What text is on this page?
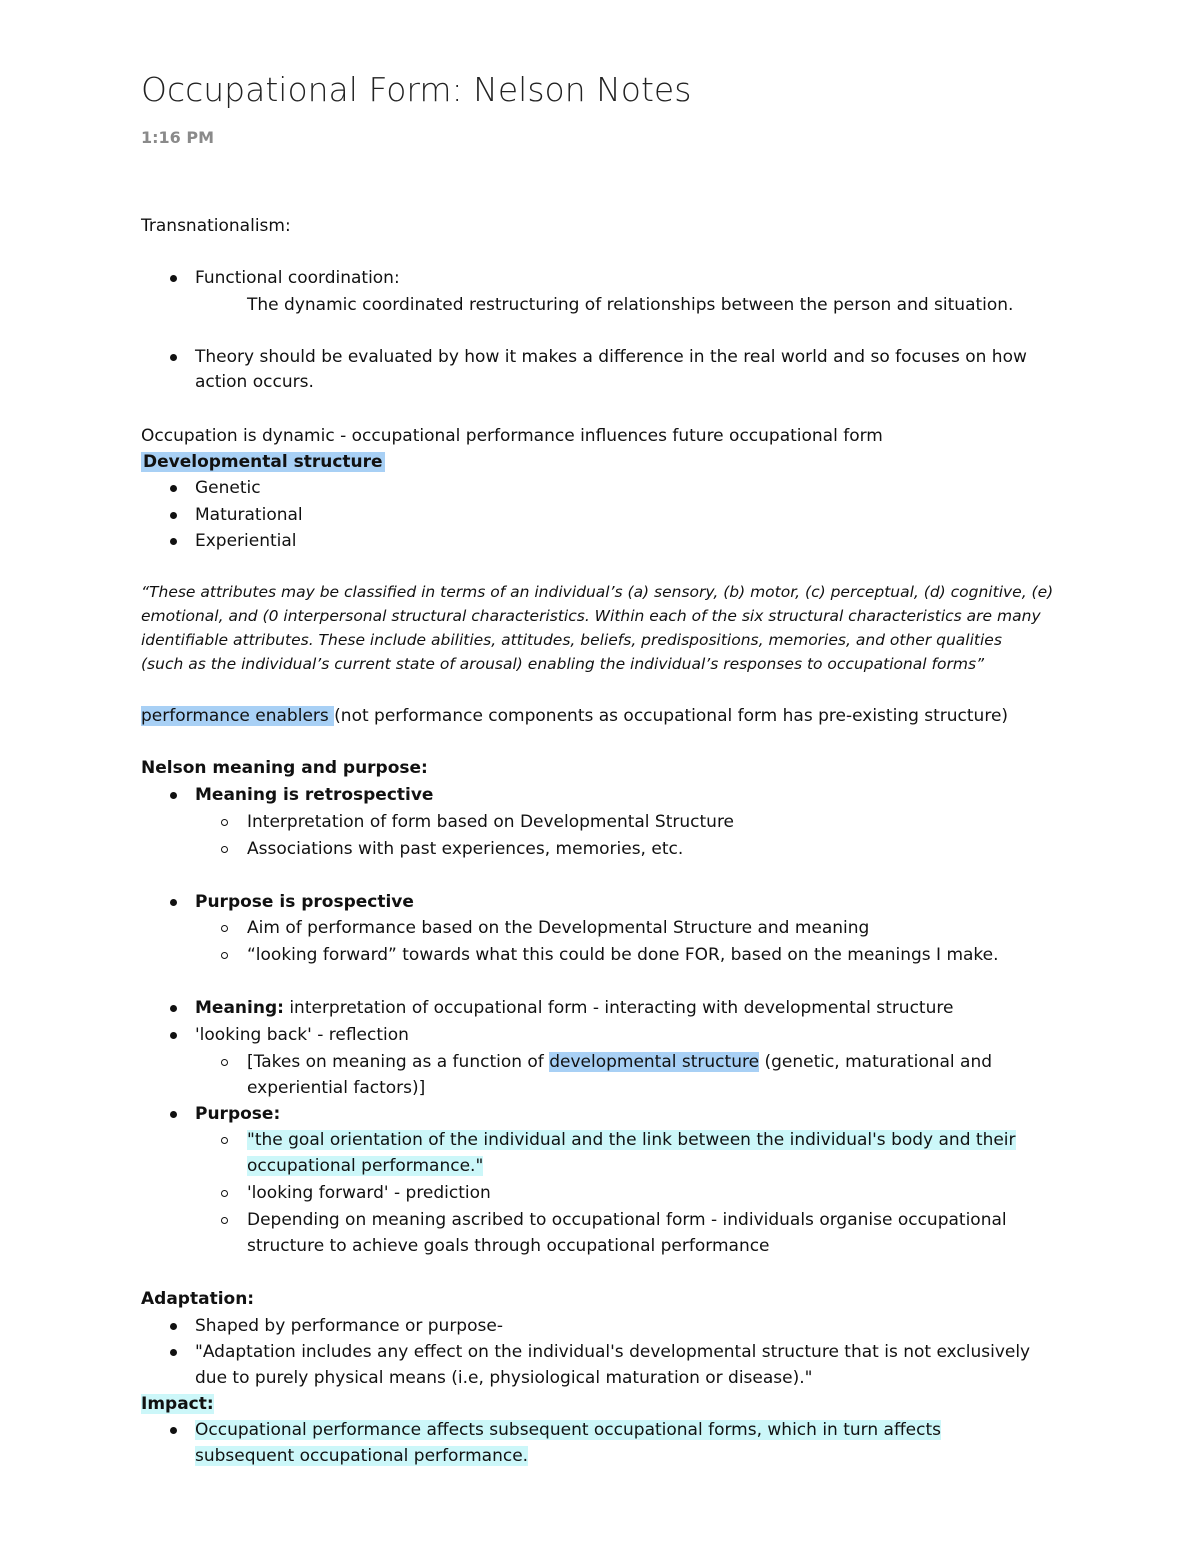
Occupational Form: Nelson Notes
1:16 PM
Transnationalism:
Functional coordination:
The dynamic coordinated restructuring of relationships between the person and situation.
Theory should be evaluated by how it makes a difference in the real world and so focuses on how
action occurs.
Occupation is dynamic - occupational performance influences future occupational form
Developmental structure
Genetic
Maturational
Experiential
“These attributes may be classified in terms of an individual’s (a) sensory, (b) motor, (c) perceptual, (d) cognitive, (e)
emotional, and (0 interpersonal structural characteristics. Within each of the six structural characteristics are many
identifiable attributes. These include abilities, attitudes, beliefs, predispositions, memories, and other qualities
(such as the individual’s current state of arousal) enabling the individual’s responses to occupational forms”
performance enablers (not performance components as occupational form has pre-existing structure)
Nelson meaning and purpose:
Meaning is retrospective
Interpretation of form based on Developmental Structure
Associations with past experiences, memories, etc.
Purpose is prospective
Aim of performance based on the Developmental Structure and meaning
“looking forward” towards what this could be done FOR, based on the meanings I make.
Meaning: interpretation of occupational form - interacting with developmental structure
'looking back' - reflection
[Takes on meaning as a function of developmental structure (genetic, maturational and
experiential factors)]
Purpose:
"the goal orientation of the individual and the link between the individual's body and their
occupational performance."
'looking forward' - prediction
Depending on meaning ascribed to occupational form - individuals organise occupational
structure to achieve goals through occupational performance
Adaptation:
Shaped by performance or purpose-
"Adaptation includes any effect on the individual's developmental structure that is not exclusively
due to purely physical means (i.e, physiological maturation or disease)."
Impact:
Occupational performance affects subsequent occupational forms, which in turn affects
subsequent occupational performance.
